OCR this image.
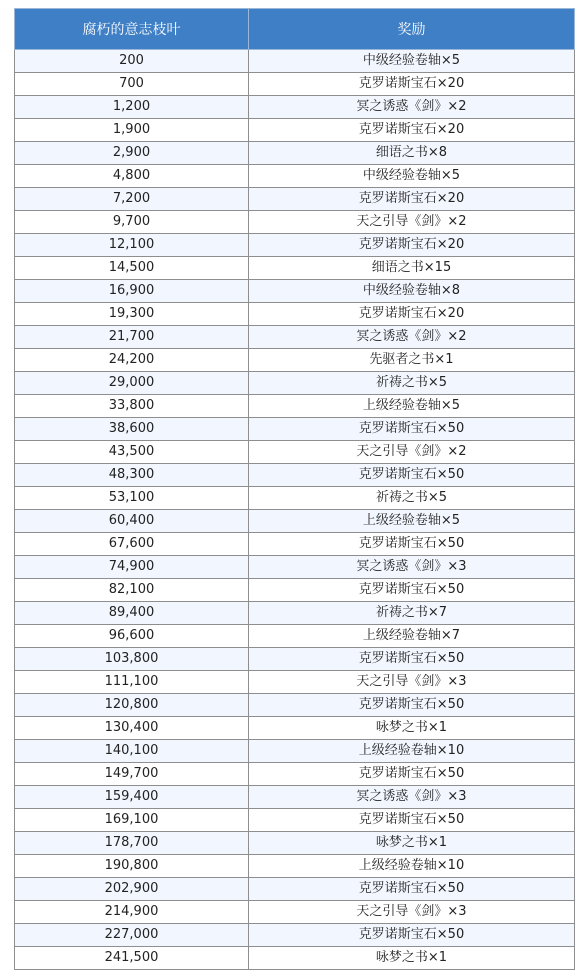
腐朽的意志枝叶	奖励
200	中级经验卷轴×5
700	克罗诺斯宝石×20
1,200	冥之诱惑《剑》×2
1,900	克罗诺斯宝石×20
2,900	细语之书×8
4,800	中级经验卷轴×5
7,200	克罗诺斯宝石×20
9,700	天之引导《剑》×2
12,100	克罗诺斯宝石×20
14,500	细语之书×15
16,900	中级经验卷轴×8
19,300	克罗诺斯宝石×20
21,700	冥之诱惑《剑》×2
24,200	先驱者之书×1
29,000	祈祷之书×5
33,800	上级经验卷轴×5
38,600	克罗诺斯宝石×50
43,500	天之引导《剑》×2
48,300	克罗诺斯宝石×50
53,100	祈祷之书×5
60,400	上级经验卷轴×5
67,600	克罗诺斯宝石×50
74,900	冥之诱惑《剑》×3
82,100	克罗诺斯宝石×50
89,400	祈祷之书×7
96,600	上级经验卷轴×7
103,800	克罗诺斯宝石×50
111,100	天之引导《剑》×3
120,800	克罗诺斯宝石×50
130,400	咏梦之书×1
140,100	上级经验卷轴×10
149,700	克罗诺斯宝石×50
159,400	冥之诱惑《剑》×3
169,100	克罗诺斯宝石×50
178,700	咏梦之书×1
190,800	上级经验卷轴×10
202,900	克罗诺斯宝石×50
214,900	天之引导《剑》×3
227,000	克罗诺斯宝石×50
241,500	咏梦之书×1
